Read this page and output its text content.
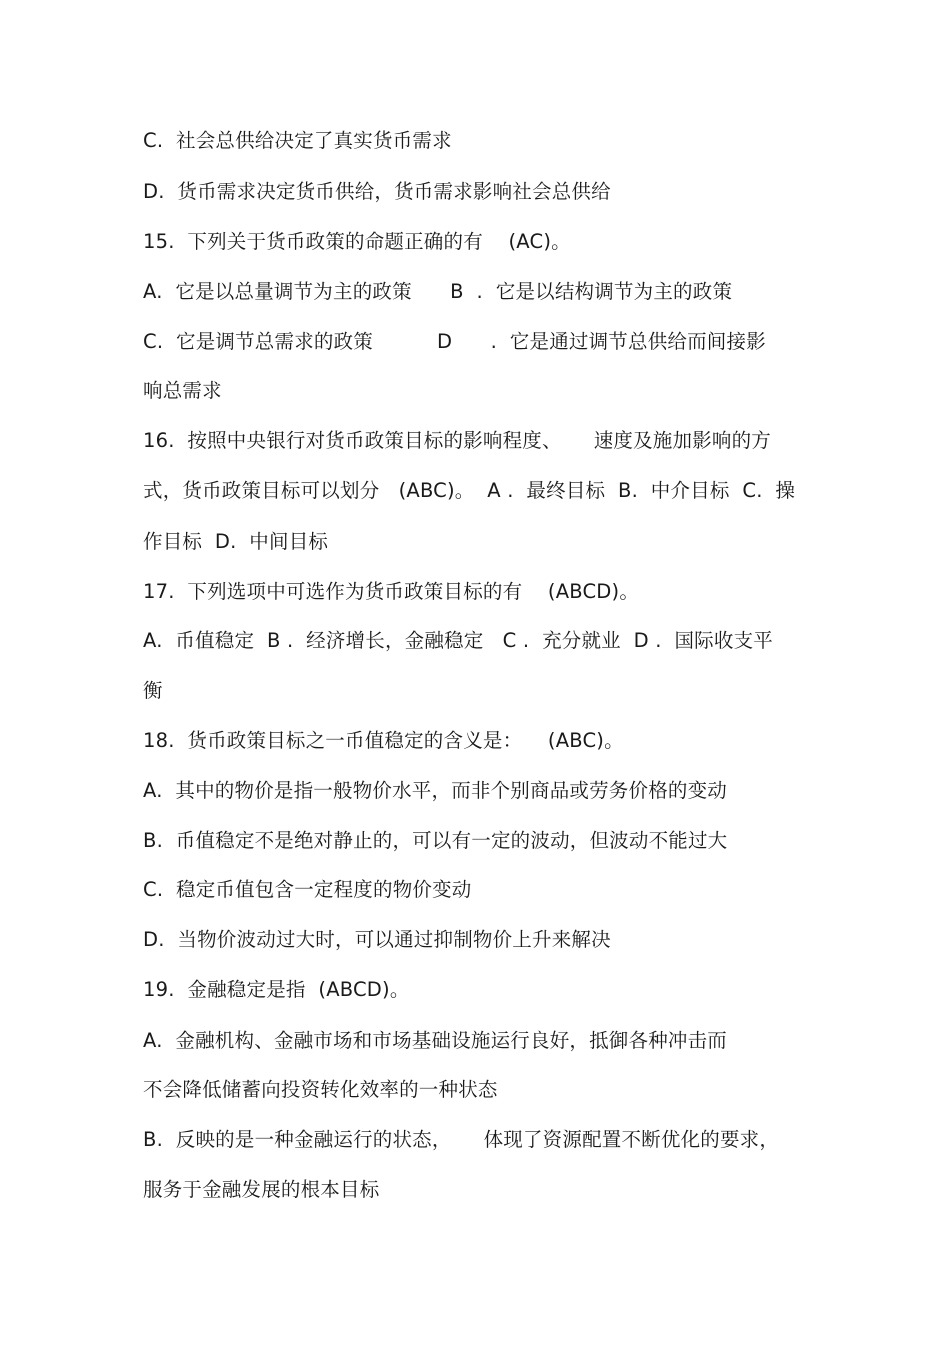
C.  社会总供给决定了真实货币需求
D.  货币需求决定货币供给，货币需求影响社会总供给
15.  下列关于货币政策的命题正确的有    (AC)。
A.  它是以总量调节为主的政策      B  .  它是以结构调节为主的政策
C.  它是调节总需求的政策          D      .  它是通过调节总供给而间接影
响总需求
16.  按照中央银行对货币政策目标的影响程度、     速度及施加影响的方
式，货币政策目标可以划分   (ABC)。  A .  最终目标  B.  中介目标  C.  操
作目标  D.  中间目标
17.  下列选项中可选作为货币政策目标的有    (ABCD)。
A.  币值稳定  B .  经济增长，金融稳定   C .  充分就业  D .  国际收支平
衡
18.  货币政策目标之一币值稳定的含义是：    (ABC)。
A.  其中的物价是指一般物价水平，而非个别商品或劳务价格的变动
B.  币值稳定不是绝对静止的，可以有一定的波动，但波动不能过大
C.  稳定币值包含一定程度的物价变动
D.  当物价波动过大时，可以通过抑制物价上升来解决
19.  金融稳定是指  (ABCD)。
A.  金融机构、金融市场和市场基础设施运行良好，抵御各种冲击而
不会降低储蓄向投资转化效率的一种状态
B.  反映的是一种金融运行的状态，     体现了资源配置不断优化的要求，
服务于金融发展的根本目标
